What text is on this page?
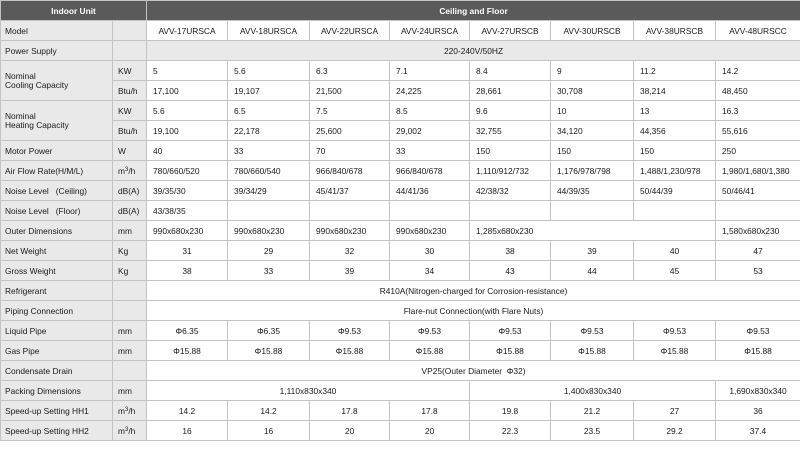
Indoor Unit		Ceiling and Floor							
Model		AVV-17URSCA	AVV-18URSCA	AVV-22URSCA	AVV-24URSCA	AVV-27URSCB	AVV-30URSCB	AVV-38URSCB	AVV-48URSCC
Power Supply		220-240V/50HZ							
Nominal
Cooling Capacity	KW	5	5.6	6.3	7.1	8.4	9	11.2	14.2
	Btu/h	17,100	19,107	21,500	24,225	28,661	30,708	38,214	48,450
Nominal
Heating Capacity	KW	5.6	6.5	7.5	8.5	9.6	10	13	16.3
	Btu/h	19,100	22,178	25,600	29,002	32,755	34,120	44,356	55,616
Motor Power	W	40	33	70	33	150	150	150	250
Air Flow Rate(H/M/L)	$m^3/h$	780/660/520	780/660/540	966/840/678	966/840/678	1,110/912/732	1,176/978/798	1,488/1,230/978	1,980/1,680/1,380
Noise Level   (Ceiling)	dB(A)	39/35/30	39/34/29	45/41/37	44/41/36	42/38/32	44/39/35	50/44/39	50/46/41
Noise Level   (Floor)	dB(A)	43/38/35							
Outer Dimensions	mm	990x680x230	990x680x230	990x680x230	990x680x230	1,285x680x230			1,580x680x230
Net Weight	Kg	31	29	32	30	38	39	40	47
Gross Weight	Kg	38	33	39	34	43	44	45	53
Refrigerant		R410A(Nitrogen-charged for Corrosion-resistance)							
Piping Connection		Flare-nut Connection(with Flare Nuts)							
Liquid Pipe	mm	Φ6.35	Φ6.35	Φ9.53	Φ9.53	Φ9.53	Φ9.53	Φ9.53	Φ9.53
Gas Pipe	mm	Φ15.88	Φ15.88	Φ15.88	Φ15.88	Φ15.88	Φ15.88	Φ15.88	Φ15.88
Condensate Drain		VP25(Outer Diameter  Φ32)							
Packing Dimensions	mm	1,110x830x340				1,400x830x340			1,690x830x340
Speed-up Setting HH1	$m^3/h$	14.2	14.2	17.8	17.8	19.8	21.2	27	36
Speed-up Setting HH2	$m^3/h$	16	16	20	20	22.3	23.5	29.2	37.4
